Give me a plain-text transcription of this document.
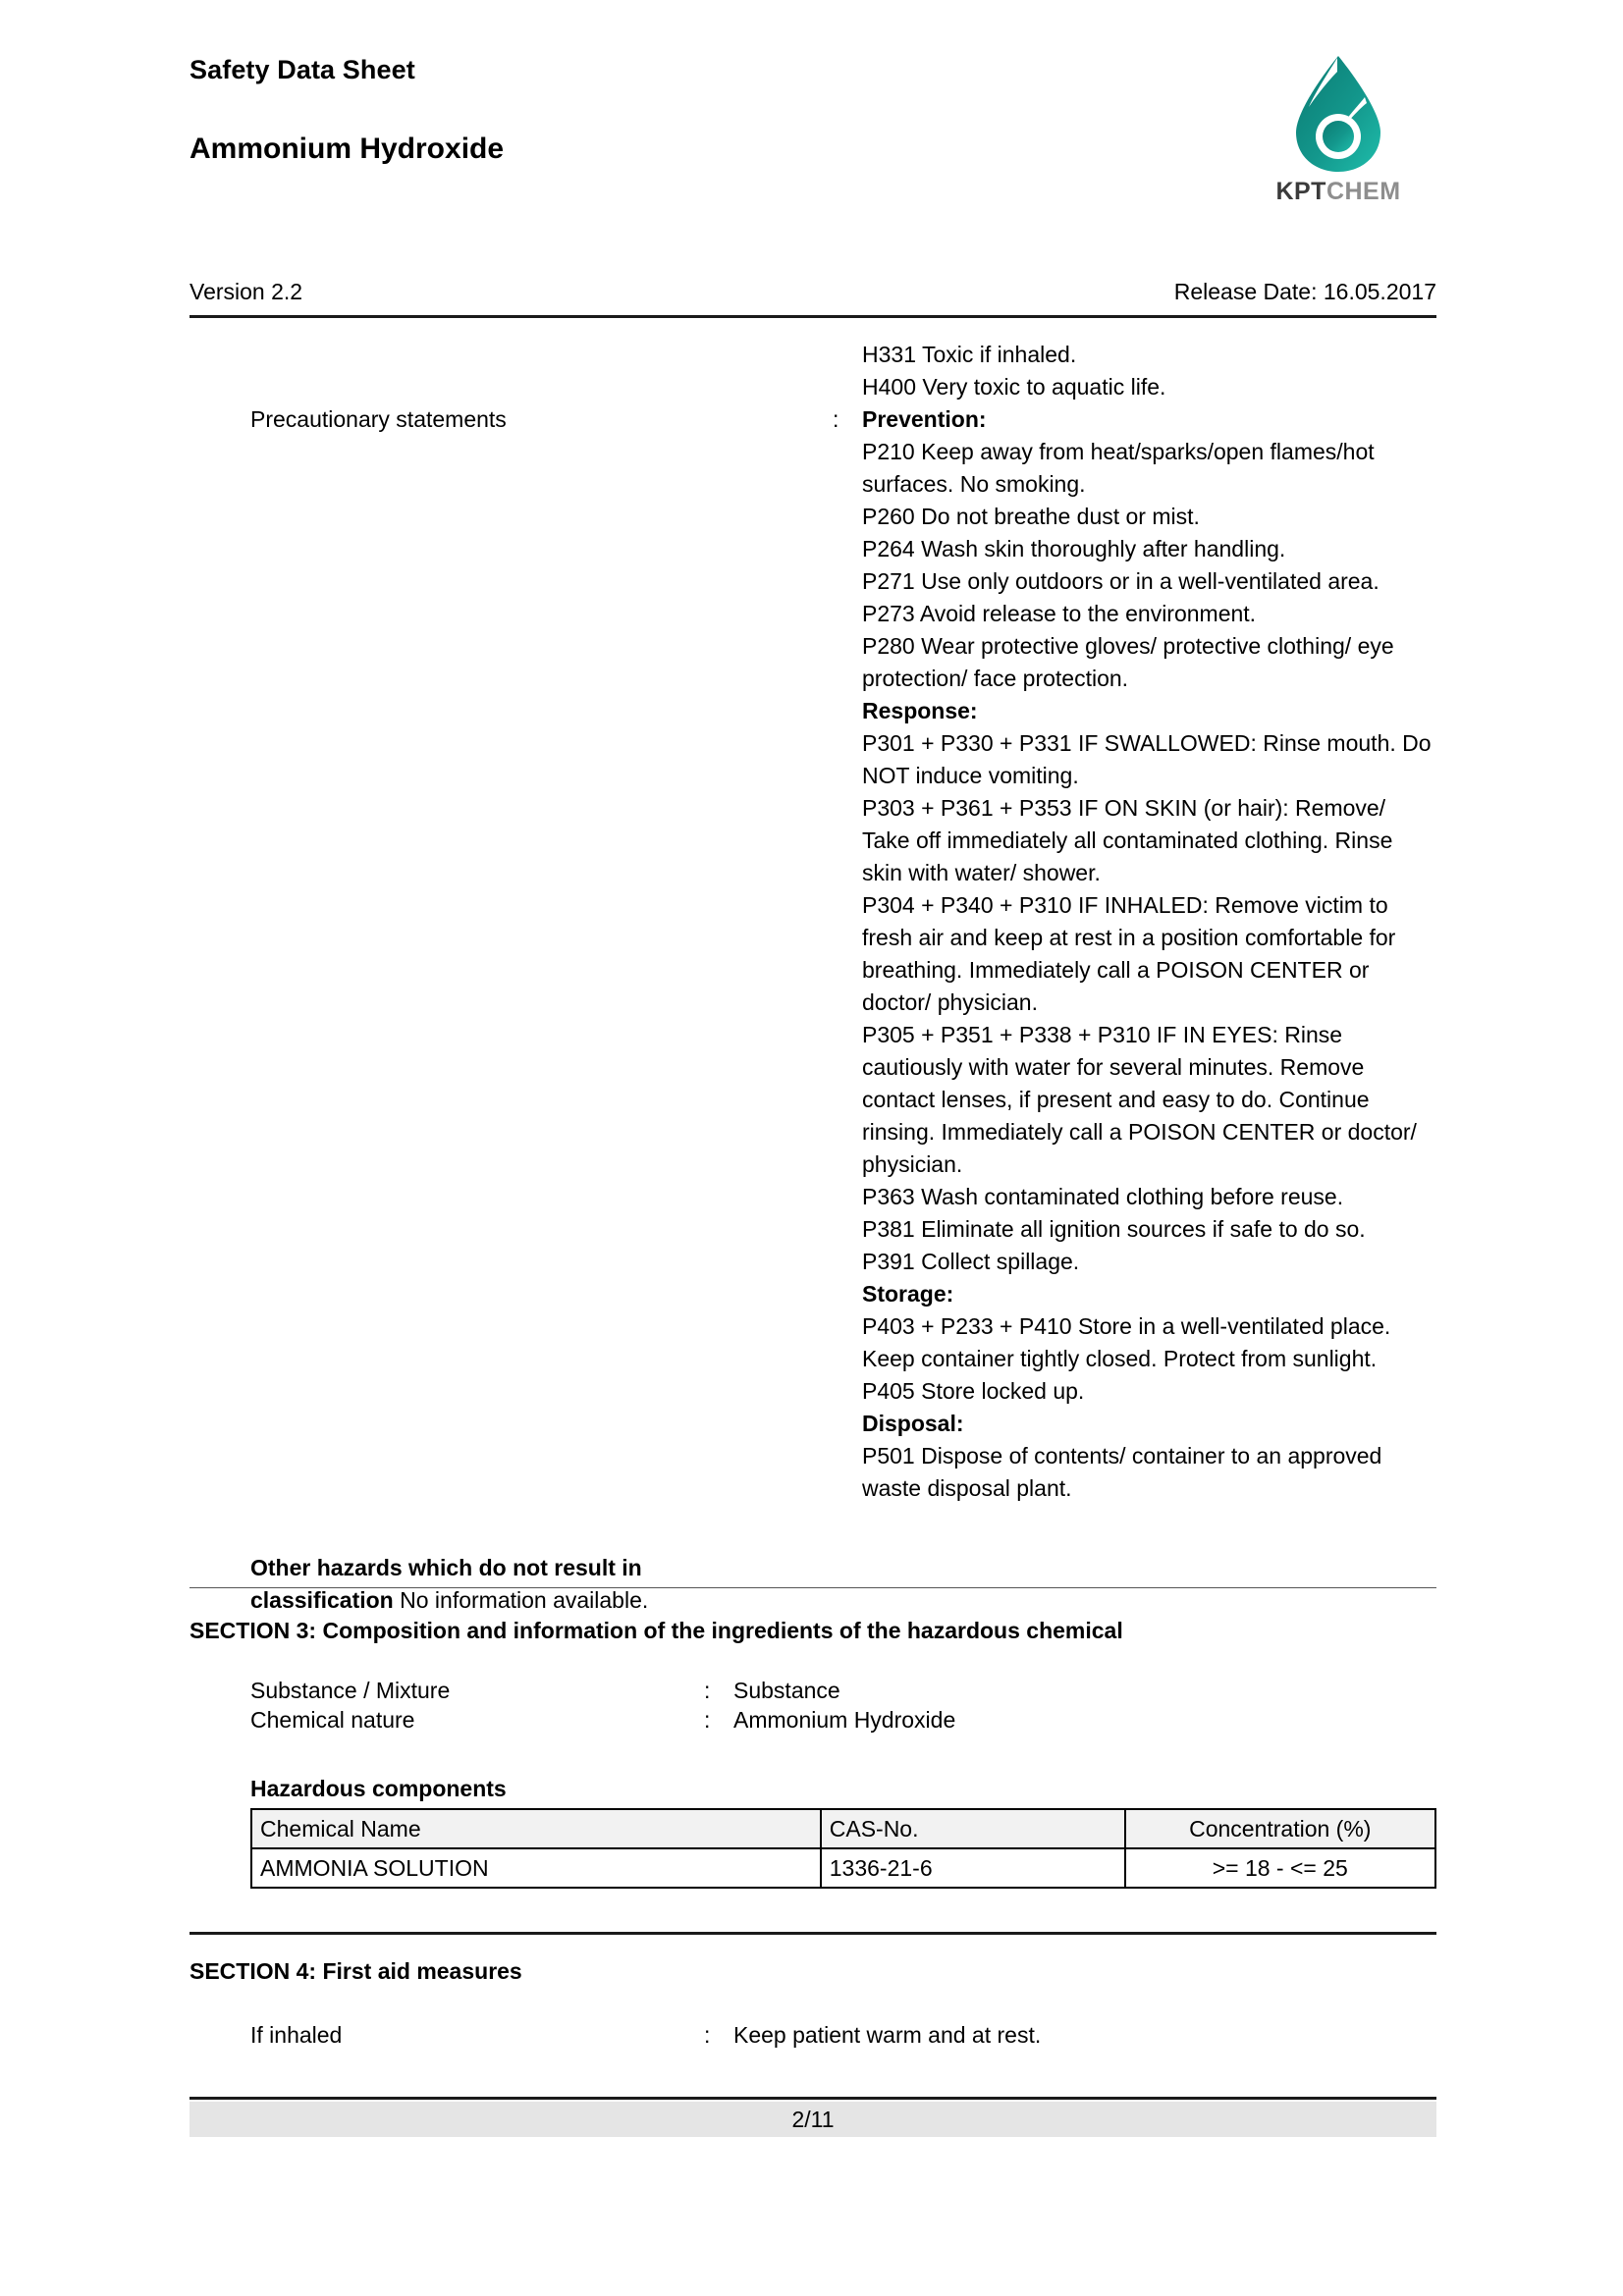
Safety Data Sheet
Ammonium Hydroxide
KPTCHEM
Version 2.2	Release Date: 16.05.2017
Precautionary statements	:

H331 Toxic if inhaled.

H400 Very toxic to aquatic life.

Prevention:

P210 Keep away from heat/sparks/open flames/hot surfaces. No smoking.

P260 Do not breathe dust or mist.

P264 Wash skin thoroughly after handling.

P271 Use only outdoors or in a well-ventilated area.

P273 Avoid release to the environment.

P280 Wear protective gloves/ protective clothing/ eye protection/ face protection.

Response:

P301 + P330 + P331 IF SWALLOWED: Rinse mouth. Do NOT induce vomiting.

P303 + P361 + P353 IF ON SKIN (or hair): Remove/ Take off immediately all contaminated clothing. Rinse skin with water/ shower.

P304 + P340 + P310 IF INHALED: Remove victim to fresh air and keep at rest in a position comfortable for breathing. Immediately call a POISON CENTER or doctor/ physician.

P305 + P351 + P338 + P310 IF IN EYES: Rinse cautiously with water for several minutes. Remove contact lenses, if present and easy to do. Continue rinsing. Immediately call a POISON CENTER or doctor/ physician.

P363 Wash contaminated clothing before reuse.

P381 Eliminate all ignition sources if safe to do so.

P391 Collect spillage.

Storage:

P403 + P233 + P410 Store in a well-ventilated place. Keep container tightly closed. Protect from sunlight.

P405 Store locked up.

Disposal:

P501 Dispose of contents/ container to an approved waste disposal plant.

Other hazards which do not result in
classification No information available.
SECTION 3: Composition and information of the ingredients of the hazardous chemical
Substance / Mixture	: Substance
Chemical nature	: Ammonium Hydroxide
Hazardous components
Chemical Name	CAS-No.	Concentration (%)
AMMONIA SOLUTION	1336-21-6	>= 18 - <= 25
SECTION 4: First aid measures
If inhaled	: Keep patient warm and at rest.
2/11
